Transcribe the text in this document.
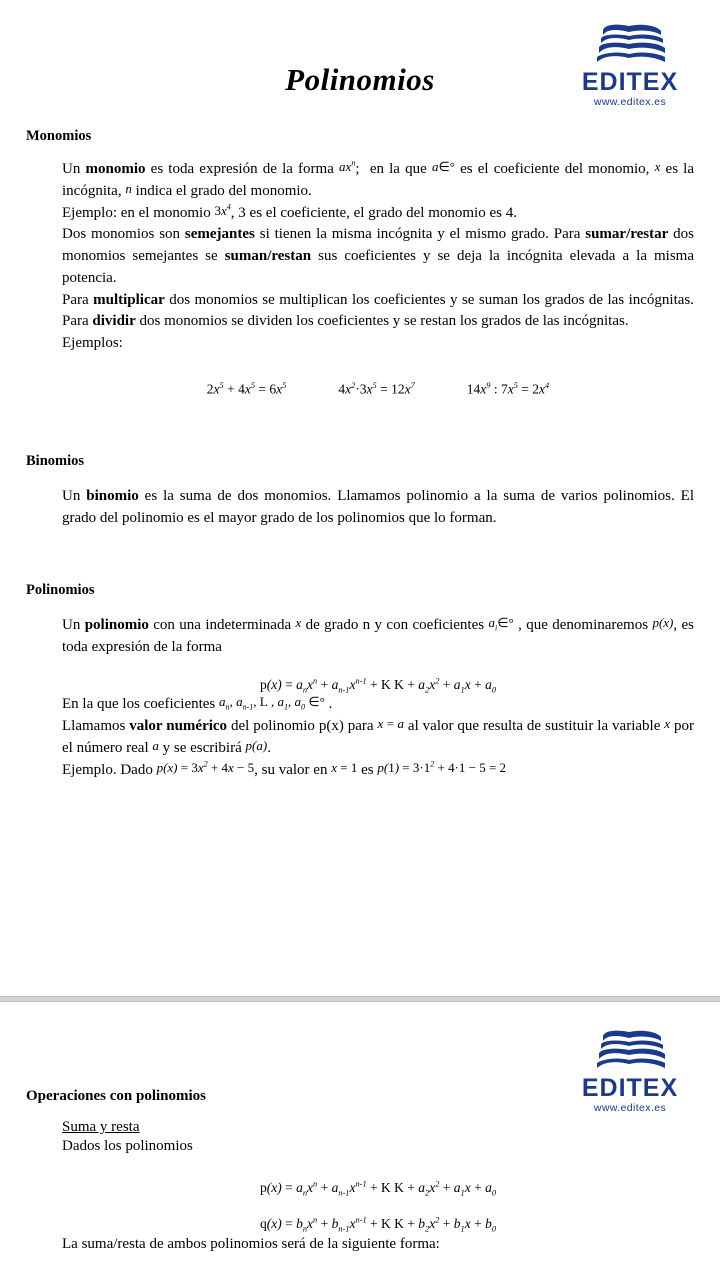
EDITEX
www.editex.es
Polinomios
Monomios

Un monomio es toda expresión de la forma $ax^n$;  en la que a∈° es el coeficiente del monomio, x es la incógnita, n indica el grado del monomio.

Ejemplo: en el monomio $3x^4$, 3 es el coeficiente, el grado del monomio es 4.

Dos monomios son semejantes si tienen la misma incógnita y el mismo grado. Para sumar/restar dos monomios semejantes se suman/restan sus coeficientes y se deja la incógnita elevada a la misma potencia.

Para multiplicar dos monomios se multiplican los coeficientes y se suman los grados de las incógnitas. Para dividir dos monomios se dividen los coeficientes y se restan los grados de las incógnitas.

Ejemplos:

$2x^5 + 4x^5 = 6x^5$	$4x^2\cdot 3x^5 = 12x^7$	$14x^9$ : $7x^5 = 2x^4$
Binomios

Un binomio es la suma de dos monomios. Llamamos polinomio a la suma de varios polinomios. El grado del polinomio es el mayor grado de los polinomios que lo forman.

Polinomios

Un polinomio con una indeterminada x de grado n y con coeficientes $a_i\in^\circ$ , que denominaremos p(x), es toda expresión de la forma

$p(x) = a_nx^n + a_{n-1}x^{n-1} + K$ $K + a_2x^2 + a_1x + a_0$

En la que los coeficientes $a_n$, $a_{n-1}$, L , $a_1$, $a_0$ ∈° .

Llamamos valor numérico del polinomio p(x) para x = a al valor que resulta de sustituir la variable x por el número real a y se escribirá p(a).

Ejemplo. Dado $p(x) = 3x^2 + 4x - 5$, su valor en x = 1 es $p(1) = 3\cdot 1^2 + 4\cdot 1 - 5 = 2$

EDITEX
www.editex.es
Operaciones con polinomios
Suma y resta

Dados los polinomios

$p(x) = a_nx^n + a_{n-1}x^{n-1} + K$ $K + a_2x^2 + a_1x + a_0$
$q(x) = b_nx^n + b_{n-1}x^{n-1} + K$ $K + b_2x^2 + b_1x + b_0$

La suma/resta de ambos polinomios será de la siguiente forma:
